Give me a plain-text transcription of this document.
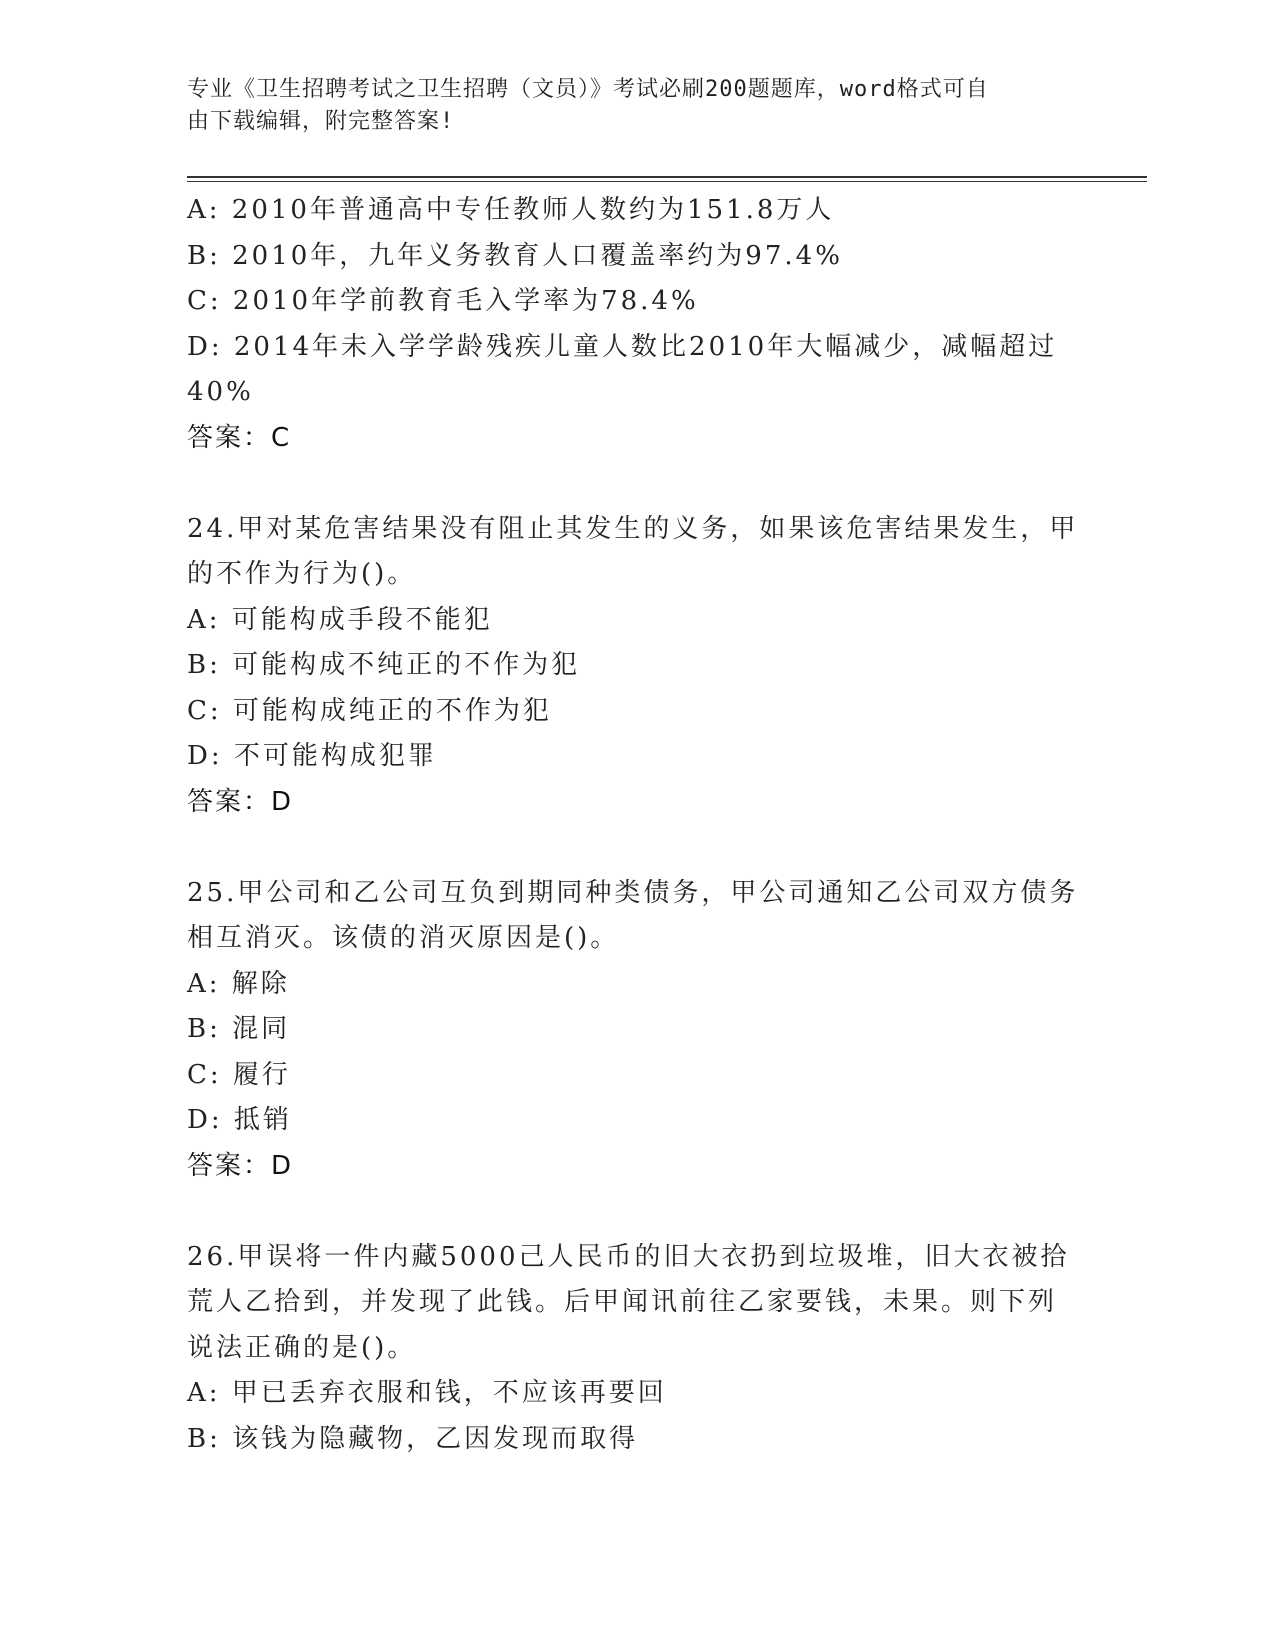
专业《卫生招聘考试之卫生招聘（文员）》考试必刷200题题库，word格式可自
由下载编辑，附完整答案!
A: 2010年普通高中专任教师人数约为151.8万人
B: 2010年，九年义务教育人口覆盖率约为97.4%
C: 2010年学前教育毛入学率为78.4%
D: 2014年未入学学龄残疾儿童人数比2010年大幅减少，减幅超过
40%
答案：C
24.甲对某危害结果没有阻止其发生的义务，如果该危害结果发生，甲
的不作为行为()。
A: 可能构成手段不能犯
B: 可能构成不纯正的不作为犯
C: 可能构成纯正的不作为犯
D: 不可能构成犯罪
答案：D
25.甲公司和乙公司互负到期同种类债务，甲公司通知乙公司双方债务
相互消灭。该债的消灭原因是()。
A: 解除
B: 混同
C: 履行
D: 抵销
答案：D
26.甲误将一件内藏5000己人民币的旧大衣扔到垃圾堆，旧大衣被拾
荒人乙拾到，并发现了此钱。后甲闻讯前往乙家要钱，未果。则下列
说法正确的是()。
A: 甲已丢弃衣服和钱，不应该再要回
B: 该钱为隐藏物，乙因发现而取得
